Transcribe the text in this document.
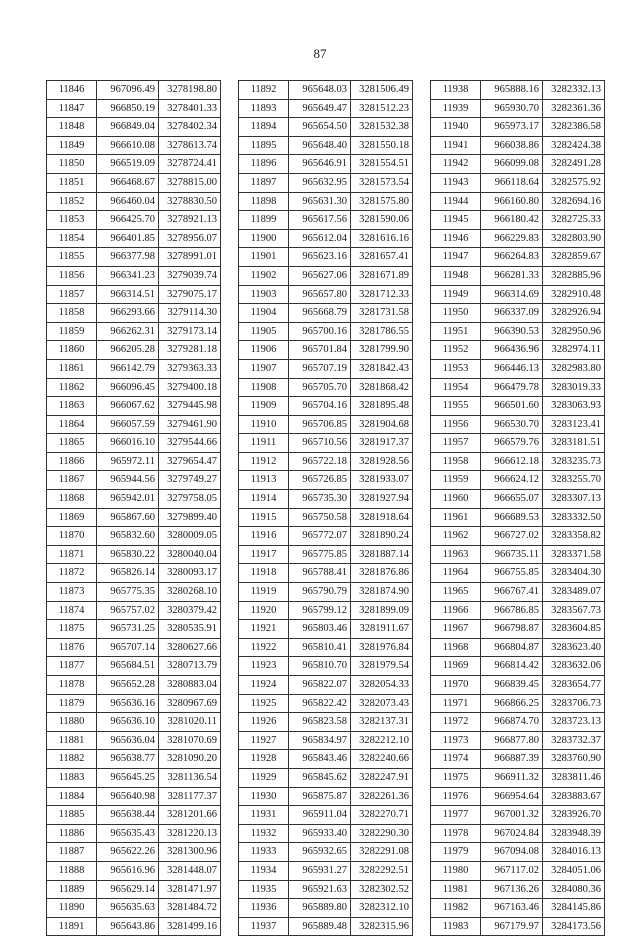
87
11846	967096.49	3278198.80
11847	966850.19	3278401.33
11848	966849.04	3278402.34
11849	966610.08	3278613.74
11850	966519.09	3278724.41
11851	966468.67	3278815.00
11852	966460.04	3278830.50
11853	966425.70	3278921.13
11854	966401.85	3278956.07
11855	966377.98	3278991.01
11856	966341.23	3279039.74
11857	966314.51	3279075.17
11858	966293.66	3279114.30
11859	966262.31	3279173.14
11860	966205.28	3279281.18
11861	966142.79	3279363.33
11862	966096.45	3279400.18
11863	966067.62	3279445.98
11864	966057.59	3279461.90
11865	966016.10	3279544.66
11866	965972.11	3279654.47
11867	965944.56	3279749.27
11868	965942.01	3279758.05
11869	965867.60	3279899.40
11870	965832.60	3280009.05
11871	965830.22	3280040.04
11872	965826.14	3280093.17
11873	965775.35	3280268.10
11874	965757.02	3280379.42
11875	965731.25	3280535.91
11876	965707.14	3280627.66
11877	965684.51	3280713.79
11878	965652.28	3280883.04
11879	965636.16	3280967.69
11880	965636.10	3281020.11
11881	965636.04	3281070.69
11882	965638.77	3281090.20
11883	965645.25	3281136.54
11884	965640.98	3281177.37
11885	965638.44	3281201.66
11886	965635.43	3281220.13
11887	965622.26	3281300.96
11888	965616.96	3281448.07
11889	965629.14	3281471.97
11890	965635.63	3281484.72
11891	965643.86	3281499.16
11892	965648.03	3281506.49
11893	965649.47	3281512.23
11894	965654.50	3281532.38
11895	965648.40	3281550.18
11896	965646.91	3281554.51
11897	965632.95	3281573.54
11898	965631.30	3281575.80
11899	965617.56	3281590.06
11900	965612.04	3281616.16
11901	965623.16	3281657.41
11902	965627.06	3281671.89
11903	965657.80	3281712.33
11904	965668.79	3281731.58
11905	965700.16	3281786.55
11906	965701.84	3281799.90
11907	965707.19	3281842.43
11908	965705.70	3281868.42
11909	965704.16	3281895.48
11910	965706.85	3281904.68
11911	965710.56	3281917.37
11912	965722.18	3281928.56
11913	965726.85	3281933.07
11914	965735.30	3281927.94
11915	965750.58	3281918.64
11916	965772.07	3281890.24
11917	965775.85	3281887.14
11918	965788.41	3281876.86
11919	965790.79	3281874.90
11920	965799.12	3281899.09
11921	965803.46	3281911.67
11922	965810.41	3281976.84
11923	965810.70	3281979.54
11924	965822.07	3282054.33
11925	965822.42	3282073.43
11926	965823.58	3282137.31
11927	965834.97	3282212.10
11928	965843.46	3282240.66
11929	965845.62	3282247.91
11930	965875.87	3282261.36
11931	965911.04	3282270.71
11932	965933.40	3282290.30
11933	965932.65	3282291.08
11934	965931.27	3282292.51
11935	965921.63	3282302.52
11936	965889.80	3282312.10
11937	965889.48	3282315.96
11938	965888.16	3282332.13
11939	965930.70	3282361.36
11940	965973.17	3282386.58
11941	966038.86	3282424.38
11942	966099.08	3282491.28
11943	966118.64	3282575.92
11944	966160.80	3282694.16
11945	966180.42	3282725.33
11946	966229.83	3282803.90
11947	966264.83	3282859.67
11948	966281.33	3282885.96
11949	966314.69	3282910.48
11950	966337.09	3282926.94
11951	966390.53	3282950.96
11952	966436.96	3282974.11
11953	966446.13	3282983.80
11954	966479.78	3283019.33
11955	966501.60	3283063.93
11956	966530.70	3283123.41
11957	966579.76	3283181.51
11958	966612.18	3283235.73
11959	966624.12	3283255.70
11960	966655.07	3283307.13
11961	966689.53	3283332.50
11962	966727.02	3283358.82
11963	966735.11	3283371.58
11964	966755.85	3283404.30
11965	966767.41	3283489.07
11966	966786.85	3283567.73
11967	966798.87	3283604.85
11968	966804.87	3283623.40
11969	966814.42	3283632.06
11970	966839.45	3283654.77
11971	966866.25	3283706.73
11972	966874.70	3283723.13
11973	966877.80	3283732.37
11974	966887.39	3283760.90
11975	966911.32	3283811.46
11976	966954.64	3283883.67
11977	967001.32	3283926.70
11978	967024.84	3283948.39
11979	967094.08	3284016.13
11980	967117.02	3284051.06
11981	967136.26	3284080.36
11982	967163.46	3284145.86
11983	967179.97	3284173.56
